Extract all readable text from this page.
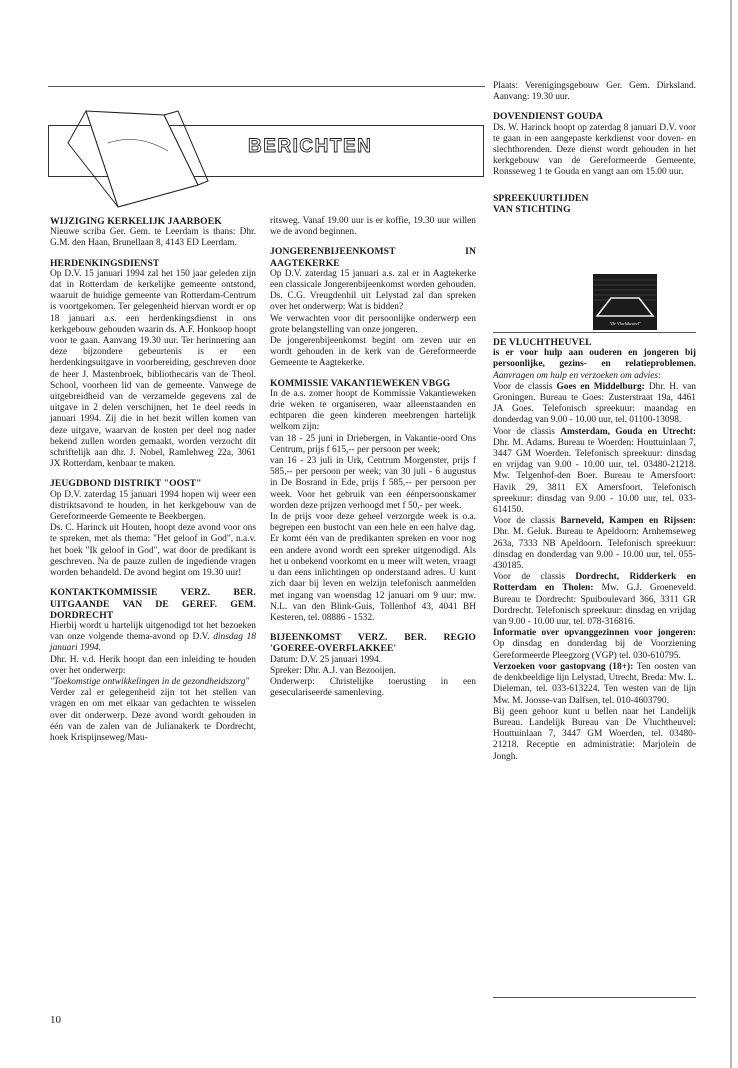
BERICHTEN
WIJZIGING KERKELIJK JAARBOEK

Nieuwe scriba Ger. Gem. te Leerdam is thans: Dhr. G.M. den Haan, Brunellaan 8, 4143 ED Leerdam.

HERDENKINGSDIENST

Op D.V. 15 januari 1994 zal het 150 jaar geleden zijn dat in Rotterdam de kerkelijke gemeente ontstond, waaruit de huidige gemeente van Rotterdam-Centrum is voortgekomen. Ter gelegenheid hiervan wordt er op 18 januari a.s. een herdenkingsdienst in ons kerkgebouw gehouden waarin ds. A.F. Honkoop hoopt voor te gaan. Aanvang 19.30 uur. Ter herinnering aan deze bijzondere gebeurtenis is er een herdenkingsuitgave in voorbereiding, geschreven door de heer J. Mastenbroek, bibliothecaris van de Theol. School, voorheen lid van de gemeente. Vanwege de uitgebreidheid van de verzamelde gegevens zal de uitgave in 2 delen verschijnen, het 1e deel reeds in januari 1994. Zij die in het bezit willen komen van deze uitgave, waarvan de kosten per deel nog nader bekend zullen worden gemaakt, worden verzocht dit schriftelijk aan dhr. J. Nobel, Ramlehweg 22a, 3061 JX Rotterdam, kenbaar te maken.

JEUGDBOND DISTRIKT "OOST"

Op D.V. zaterdag 15 januari 1994 hopen wij weer een distriktsavond te houden, in het kerkgebouw van de Gereformeerde Gemeente te Beekbergen.

Ds. C. Harinck uit Houten, hoopt deze avond voor ons te spreken, met als thema: "Het geloof in God", n.a.v. het boek "Ik geloof in God", wat door de predikant is geschreven. Na de pauze zullen de ingediende vragen worden behandeld. De avond begint om 19.30 uur!

KONTAKTKOMMISSIE VERZ. BER. UITGAANDE VAN DE GEREF. GEM. DORDRECHT

Hierbij wordt u hartelijk uitgenodigd tot het bezoeken van onze volgende thema-avond op D.V. dinsdag 18 januari 1994.

Dhr. H. v.d. Herik hoopt dan een inleiding te houden over het onderwerp:

"Toekomstige ontwikkelingen in de gezondheidszorg"

Verder zal er gelegenheid zijn tot het stellen van vragen en om met elkaar van gedachten te wisselen over dit onderwerp. Deze avond wordt gehouden in één van de zalen van de Julianakerk te Dordrecht, hoek Krispijnseweg/Mau-

ritsweg. Vanaf 19.00 uur is er koffie, 19.30 uur willen we de avond beginnen.

JONGERENBIJEENKOMST IN AAGTEKERKE

Op D.V. zaterdag 15 januari a.s. zal er in Aagtekerke een classicale Jongerenbijeenkomst worden gehouden. Ds. C.G. Vreugdenhil uit Lelystad zal dan spreken over het onderwerp: Wat is bidden?

We verwachten voor dit persoonlijke onderwerp een grote belangstelling van onze jongeren.

De jongerenbijeenkomst begint om zeven uur en wordt gehouden in de kerk van de Gereformeerde Gemeente te Aagtekerke.

KOMMISSIE VAKANTIEWEKEN VBGG

In de a.s. zomer hoopt de Kommissie Vakantieweken drie weken te organiseren, waar alleenstaanden en echtparen die geen kinderen meebrengen hartelijk welkom zijn:

van 18 - 25 juni in Driebergen, in Vakantie-oord Ons Centrum, prijs f 615,-- per persoon per week;

van 16 - 23 juli in Urk, Centrum Morgenster, prijs f 585,-- per persoon per week; van 30 juli - 6 augustus in De Bosrand in Ede, prijs f 585,-- per persoon per week. Voor het gebruik van een éénpersoonskamer worden deze prijzen verhoogd met f 50,- per week.

In de prijs voor deze geheel verzorgde week is o.a. begrepen een bustocht van een hele en een halve dag. Er komt één van de predikanten spreken en voor nog een andere avond wordt een spreker uitgenodigd. Als het u onbekend voorkomt en u meer wilt weten, vraagt u dan eens inlichtingen op onderstaand adres. U kunt zich daar bij leven en welzijn telefonisch aanmelden met ingang van woensdag 12 januari om 9 uur: mw. N.L. van den Blink-Guis, Tollenhof 43, 4041 BH Kesteren, tel. 08886 - 1532.

BIJEENKOMST VERZ. BER. REGIO 'GOEREE-OVERFLAKKEE'

Datum: D.V. 25 januari 1994.

Spreker: Dhr. A.J. van Bezooijen.

Onderwerp: Christelijke toerusting in een geseculariseerde samenleving.

Plaats: Verenigingsgebouw Ger. Gem. Dirksland. Aanvang: 19.30 uur.

DOVENDIENST GOUDA

Ds. W. Harinck hoopt op zaterdag 8 januari D.V. voor te gaan in een aangepaste kerkdienst voor doven- en slechthorenden. Deze dienst wordt gehouden in het kerkgebouw van de Gereformeerde Gemeente, Ronsseweg 1 te Gouda en vangt aan om 15.00 uur.

SPREEKUURTIJDEN VAN STICHTING
"De Vluchtheuvel"
DE VLUCHTHEUVEL

is er voor hulp aan ouderen en jongeren bij persoonlijke, gezins- en relatieproblemen. Aanvragen om hulp en verzoeken om advies:

Voor de classis Goes en Middelburg: Dhr. H. van Groningen. Bureau te Goes: Zusterstraat 19a, 4461 JA Goes. Telefonisch spreekuur: maandag en donderdag van 9.00 - 10.00 uur, tel. 01100-13098.

Voor de classis Amsterdam, Gouda en Utrecht: Dhr. M. Adams. Bureau te Woerden: Houttuinlaan 7, 3447 GM Woerden. Telefonisch spreekuur: dinsdag en vrijdag van 9.00 - 10.00 uur, tel. 03480-21218. Mw. Telgenhof-den Boer. Bureau te Amersfoort: Havik 29, 3811 EX Amersfoort. Telefonisch spreekuur: dinsdag van 9.00 - 10.00 uur, tel. 033-614150.

Voor de classis Barneveld, Kampen en Rijssen: Dhr. M. Geluk. Bureau te Apeldoorn: Arnhemseweg 263a, 7333 NB Apeldoorn. Telefonisch spreekuur: dinsdag en donderdag van 9.00 - 10.00 uur, tel. 055-430185.

Voor de classis Dordrecht, Ridderkerk en Rotterdam en Tholen: Mw. G.J. Groeneveld. Bureau te Dordrecht: Spuiboulevard 366, 3311 GR Dordrecht. Telefonisch spreekuur: dinsdag en vrijdag van 9.00 - 10.00 uur, tel. 078-316816.

Informatie over opvanggezinnen voor jongeren: Op dinsdag en donderdag bij de Voorziening Gereformeerde Pleegzorg (VGP) tel. 030-610795.

Verzoeken voor gastopvang (18+): Ten oosten van de denkbeeldige lijn Lelystad, Utrecht, Breda: Mw. L. Dieleman, tel. 033-613224. Ten westen van de lijn Mw. M. Joosse-van Dalfsen, tel. 010-4603790.

Bij geen gehoor kunt u bellen naar het Landelijk Bureau. Landelijk Bureau van De Vluchtheuvel: Houttuinlaan 7, 3447 GM Woerden, tel. 03480-21218. Receptie en administratie: Marjolein de Jongh.

10
